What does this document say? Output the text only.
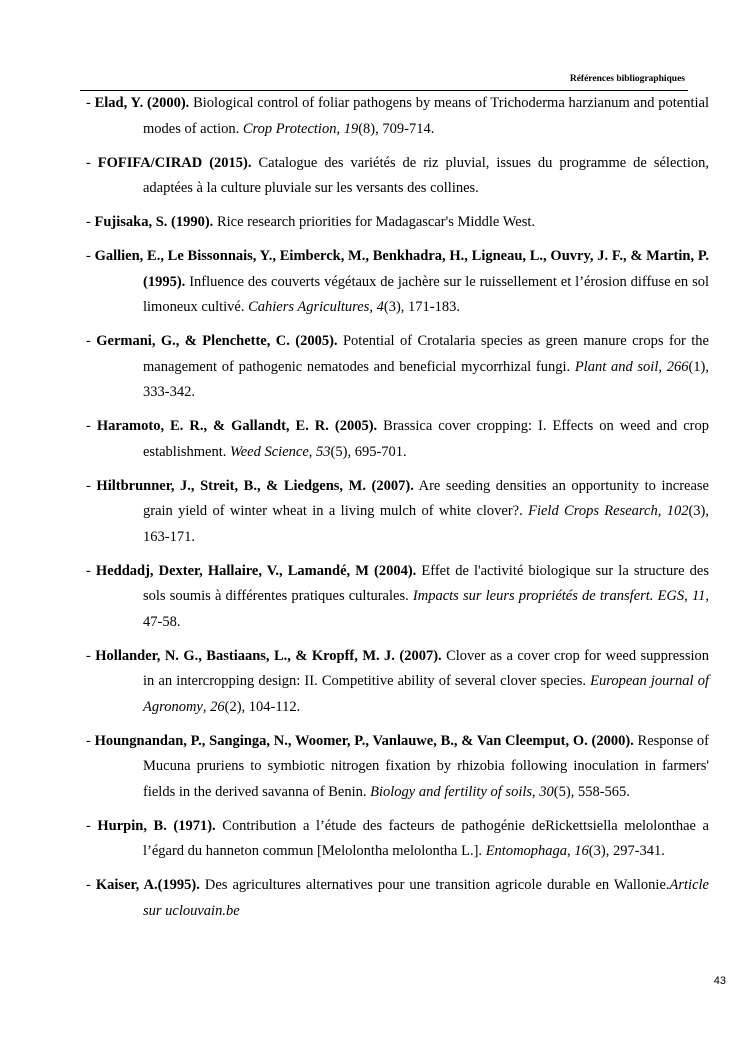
Références bibliographiques

- Elad, Y. (2000). Biological control of foliar pathogens by means of Trichoderma harzianum and potential modes of action. Crop Protection, 19(8), 709-714.

- FOFIFA/CIRAD (2015). Catalogue des variétés de riz pluvial, issues du programme de sélection, adaptées à la culture pluviale sur les versants des collines.

- Fujisaka, S. (1990). Rice research priorities for Madagascar's Middle West.

- Gallien, E., Le Bissonnais, Y., Eimberck, M., Benkhadra, H., Ligneau, L., Ouvry, J. F., & Martin, P. (1995). Influence des couverts végétaux de jachère sur le ruissellement et l’érosion diffuse en sol limoneux cultivé. Cahiers Agricultures, 4(3), 171-183.

- Germani, G., & Plenchette, C. (2005). Potential of Crotalaria species as green manure crops for the management of pathogenic nematodes and beneficial mycorrhizal fungi. Plant and soil, 266(1), 333-342.

- Haramoto, E. R., & Gallandt, E. R. (2005). Brassica cover cropping: I. Effects on weed and crop establishment. Weed Science, 53(5), 695-701.

- Hiltbrunner, J., Streit, B., & Liedgens, M. (2007). Are seeding densities an opportunity to increase grain yield of winter wheat in a living mulch of white clover?. Field Crops Research, 102(3), 163-171.

- Heddadj, Dexter, Hallaire, V., Lamandé, M (2004). Effet de l'activité biologique sur la structure des sols soumis à différentes pratiques culturales. Impacts sur leurs propriétés de transfert. EGS, 11, 47-58.

- Hollander, N. G., Bastiaans, L., & Kropff, M. J. (2007). Clover as a cover crop for weed suppression in an intercropping design: II. Competitive ability of several clover species. European journal of Agronomy, 26(2), 104-112.

- Houngnandan, P., Sanginga, N., Woomer, P., Vanlauwe, B., & Van Cleemput, O. (2000). Response of Mucuna pruriens to symbiotic nitrogen fixation by rhizobia following inoculation in farmers' fields in the derived savanna of Benin. Biology and fertility of soils, 30(5), 558-565.

- Hurpin, B. (1971). Contribution a l’étude des facteurs de pathogénie deRickettsiella melolonthae a l’égard du hanneton commun [Melolontha melolontha L.]. Entomophaga, 16(3), 297-341.

- Kaiser, A.(1995). Des agricultures alternatives pour une transition agricole durable en Wallonie.Article sur uclouvain.be

43
